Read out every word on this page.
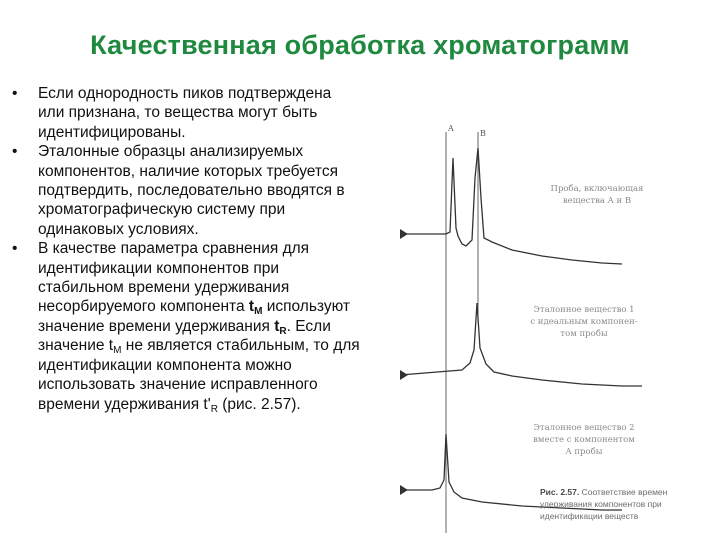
Качественная обработка хроматограмм
• Если однородность пиков подтверждена или признана, то вещества могут быть идентифицированы.
• Эталонные образцы анализируемых компонентов, наличие которых требуется подтвердить, последовательно вводятся в хроматографическую систему при одинаковых условиях.
• В качестве параметра сравнения для идентификации компонентов при стабильном времени удерживания несорбируемого компонента $t_M$ используют значение времени удерживания $t_R$. Если значение $t_M$ не является стабильным, то для идентификации компонента можно использовать значение исправленного времени удерживания $t'_R$ (рис. 2.57).
A
B
Проба, включающая
вещества A и B
Эталонное вещество 1
с идеальным компонен-
том пробы
Эталонное вещество 2
вместе с компонентом
A пробы
Рис. 2.57. Соответствие времен удерживания компонентов при идентификации веществ
